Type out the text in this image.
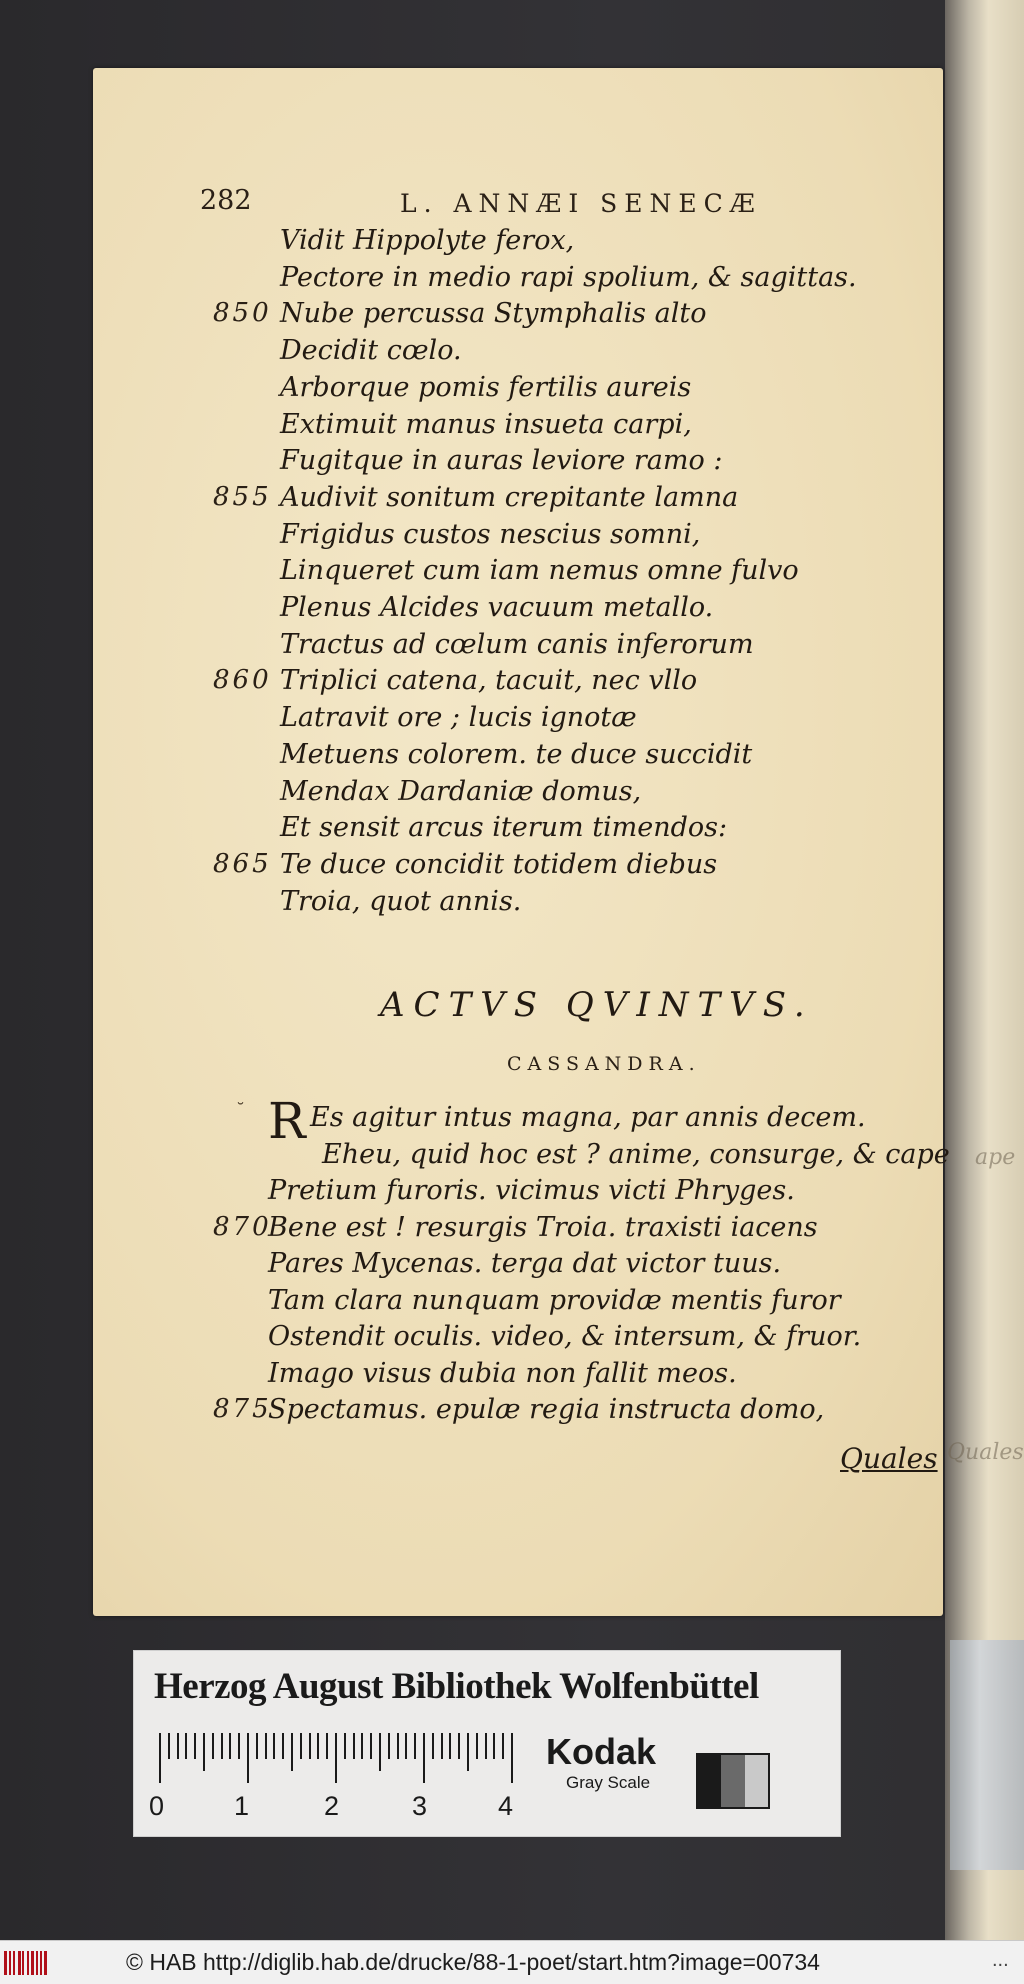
ape
Quales
282	L. ANNÆI SENECÆ
Vidit Hippolyte ferox,
Pectore in medio rapi spolium, & sagittas.
850 Nube percussa Stymphalis alto
Decidit cœlo.
Arborque pomis fertilis aureis
Extimuit manus insueta carpi,
Fugitque in auras leviore ramo :
855 Audivit sonitum crepitante lamna
Frigidus custos nescius somni,
Linqueret cum iam nemus omne fulvo
Plenus Alcides vacuum metallo.
Tractus ad cœlum canis inferorum
860 Triplici catena, tacuit, nec vllo
Latravit ore ; lucis ignotæ
Metuens colorem. te duce succidit
Mendax Dardaniæ domus,
Et sensit arcus iterum timendos:
865 Te duce concidit totidem diebus
Troia, quot annis.
ACTVS QVINTVS.
CASSANDRA.
˘ R Es agitur intus magna, par annis decem.
Eheu, quid hoc est ? anime, consurge, & cape
Pretium furoris. vicimus victi Phryges.
870
Bene est ! resurgis Troia. traxisti iacens
Pares Mycenas. terga dat victor tuus.
Tam clara nunquam providæ mentis furor
Ostendit oculis. video, & intersum, & fruor.
Imago visus dubia non fallit meos.
875
Spectamus. epulæ regia instructa domo,
Quales
Herzog August Bibliothek Wolfenbüttel
0	1	2	3	4
Kodak
Gray Scale
© HAB http://diglib.hab.de/drucke/88-1-poet/start.htm?image=00734	...
